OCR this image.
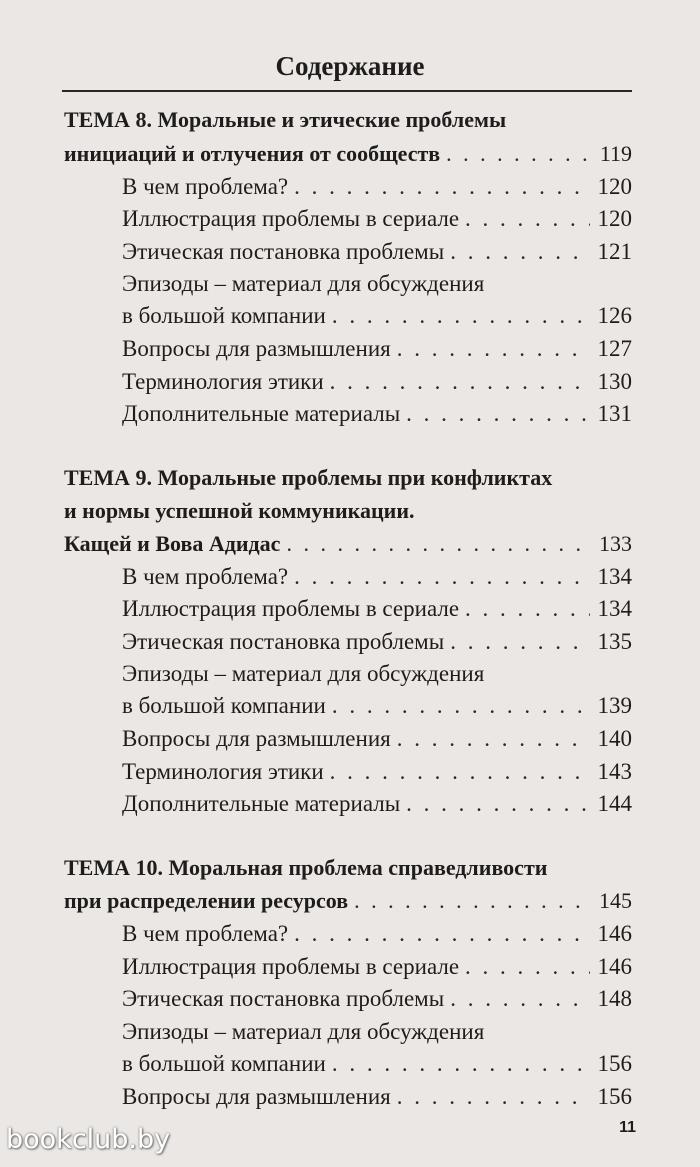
Содержание
ТЕМА 8. Моральные и этические проблемы
инициаций и отлучения от сообществ . . .	119
В чем проблема? . . .	120
Иллюстрация проблемы в сериале . . .	120
Этическая постановка проблемы . . .	121
Эпизоды – материал для обсуждения
в большой компании . . .	126
Вопросы для размышления . . .	127
Терминология этики . . .	130
Дополнительные материалы . . .	131
ТЕМА 9. Моральные проблемы при конфликтах
и нормы успешной коммуникации.
Кащей и Вова Адидас . . .	133
В чем проблема? . . .	134
Иллюстрация проблемы в сериале . . .	134
Этическая постановка проблемы . . .	135
Эпизоды – материал для обсуждения
в большой компании . . .	139
Вопросы для размышления . . .	140
Терминология этики . . .	143
Дополнительные материалы . . .	144
ТЕМА 10. Моральная проблема справедливости
при распределении ресурсов . . .	145
В чем проблема? . . .	146
Иллюстрация проблемы в сериале . . .	146
Этическая постановка проблемы . . .	148
Эпизоды – материал для обсуждения
в большой компании . . .	156
Вопросы для размышления . . .	156
11
bookclub.by
